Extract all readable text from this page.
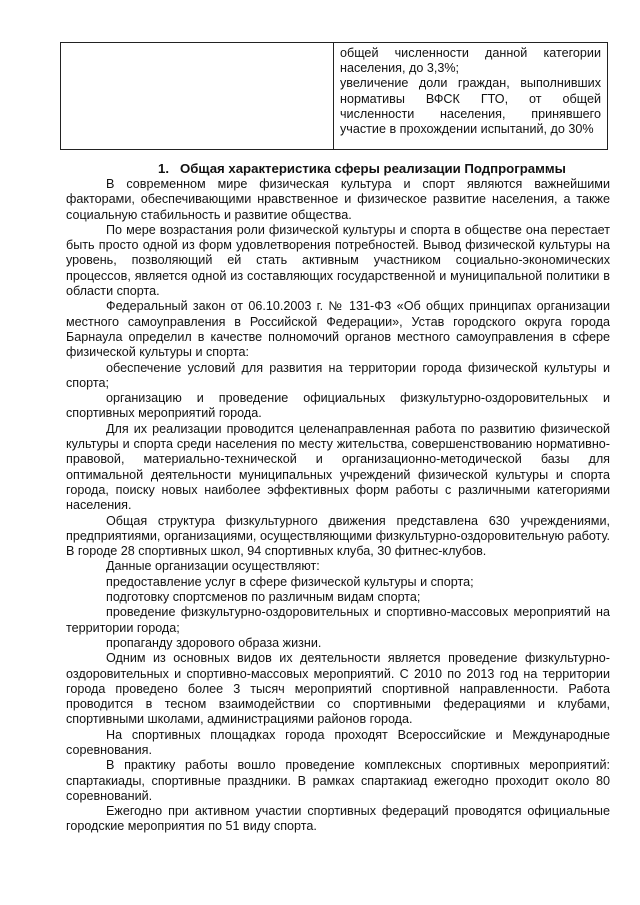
общей численности данной категории населения, до 3,3%;

увеличение доли граждан, выполнивших нормативы ВФСК ГТО, от общей численности населения, принявшего участие в прохождении испытаний, до 30%

1. Общая характеристика сферы реализации Подпрограммы

В современном мире физическая культура и спорт являются важнейшими факторами, обеспечивающими нравственное и физическое развитие населения, а также социальную стабильность и развитие общества.

По мере возрастания роли физической культуры и спорта в обществе она перестает быть просто одной из форм удовлетворения потребностей. Вывод физической культуры на уровень, позволяющий ей стать активным участником социально-экономических процессов, является одной из составляющих государственной и муниципальной политики в области спорта.

Федеральный закон от 06.10.2003 г. № 131-ФЗ «Об общих принципах организации местного самоуправления в Российской Федерации», Устав городского округа города Барнаула определил в качестве полномочий органов местного самоуправления в сфере физической культуры и спорта:

обеспечение условий для развития на территории города физической культуры и спорта;

организацию и проведение официальных физкультурно-оздоровительных и спортивных мероприятий города.

Для их реализации проводится целенаправленная работа по развитию физической культуры и спорта среди населения по месту жительства, совершенствованию нормативно-правовой, материально-технической и организационно-методической базы для оптимальной деятельности муниципальных учреждений физической культуры и спорта города, поиску новых наиболее эффективных форм работы с различными категориями населения.

Общая структура физкультурного движения представлена 630 учреждениями, предприятиями, организациями, осуществляющими физкультурно-оздоровительную работу. В городе 28 спортивных школ, 94 спортивных клуба, 30 фитнес-клубов.

Данные организации осуществляют:

предоставление услуг в сфере физической культуры и спорта;

подготовку спортсменов по различным видам спорта;

проведение физкультурно-оздоровительных и спортивно-массовых мероприятий на территории города;

пропаганду здорового образа жизни.

Одним из основных видов их деятельности является проведение физкультурно-оздоровительных и спортивно-массовых мероприятий. С 2010 по 2013 год на территории города проведено более 3 тысяч мероприятий спортивной направленности. Работа проводится в тесном взаимодействии со спортивными федерациями и клубами, спортивными школами, администрациями районов города.

На спортивных площадках города проходят Всероссийские и Международные соревнования.

В практику работы вошло проведение комплексных спортивных мероприятий: спартакиады, спортивные праздники. В рамках спартакиад ежегодно проходит около 80 соревнований.

Ежегодно при активном участии спортивных федераций проводятся официальные городские мероприятия по 51 виду спорта.
